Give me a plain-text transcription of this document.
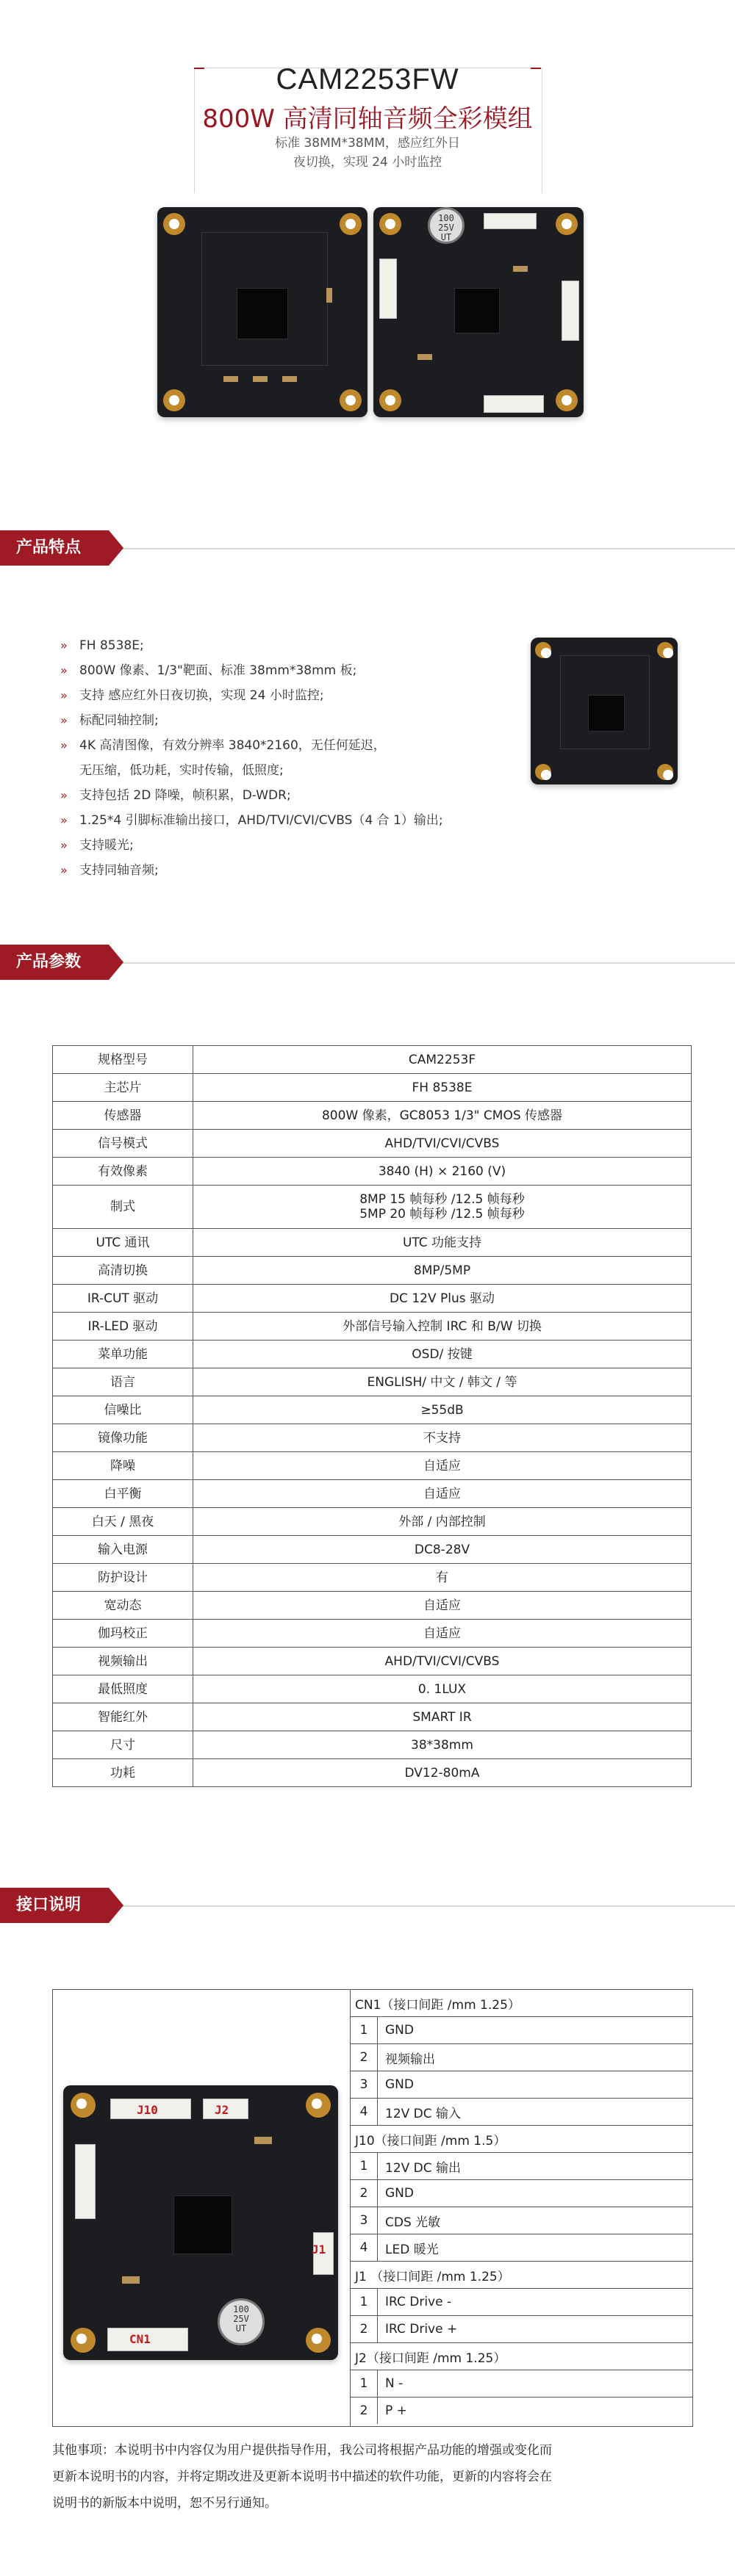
CAM2253FW
800W 高清同轴音频全彩模组
标准 38MM*38MM，感应红外日
夜切换，实现 24 小时监控
100
25V
UT
产品特点
» FH 8538E;
» 800W 像素、1/3"靶面、标准 38mm*38mm 板;
» 支持 感应红外日夜切换，实现 24 小时监控;
» 标配同轴控制;
» 4K 高清图像，有效分辨率 3840*2160，无任何延迟，
无压缩，低功耗，实时传输，低照度;
» 支持包括 2D 降噪，帧积累，D-WDR;
» 1.25*4 引脚标准输出接口，AHD/TVI/CVI/CVBS（4 合 1）输出;
» 支持暖光;
» 支持同轴音频;
产品参数
规格型号	CAM2253F
主芯片	FH 8538E
传感器	800W 像素，GC8053 1/3" CMOS 传感器
信号模式	AHD/TVI/CVI/CVBS
有效像素	3840 (H) × 2160 (V)
制式	8MP 15 帧每秒 /12.5 帧每秒
5MP 20 帧每秒 /12.5 帧每秒

UTC 通讯	UTC 功能支持
高清切换	8MP/5MP
IR-CUT 驱动	DC 12V Plus 驱动
IR-LED 驱动	外部信号输入控制 IRC 和 B/W 切换
菜单功能	OSD/ 按键
语言	ENGLISH/ 中文 / 韩文 / 等
信噪比	≥55dB
镜像功能	不支持
降噪	自适应
白平衡	自适应
白天 / 黑夜	外部 / 内部控制
输入电源	DC8-28V
防护设计	有
宽动态	自适应
伽玛校正	自适应
视频输出	AHD/TVI/CVI/CVBS
最低照度	0. 1LUX
智能红外	SMART IR
尺寸	38*38mm
功耗	DV12-80mA
接口说明
J10	J2
J1
CN1
100
25V
UT
CN1（接口间距 /mm 1.25）	
1	GND
2	视频输出
3	GND
4	12V DC 输入
J10（接口间距 /mm 1.5）	
1	12V DC 输出
2	GND
3	CDS 光敏
4	LED 暖光
J1 （接口间距 /mm 1.25）	
1	IRC Drive -
2	IRC Drive +
J2（接口间距 /mm 1.25）	
1	N -
2	P +
其他事项：本说明书中内容仅为用户提供指导作用，我公司将根据产品功能的增强或变化而
更新本说明书的内容，并将定期改进及更新本说明书中描述的软件功能，更新的内容将会在
说明书的新版本中说明，恕不另行通知。
